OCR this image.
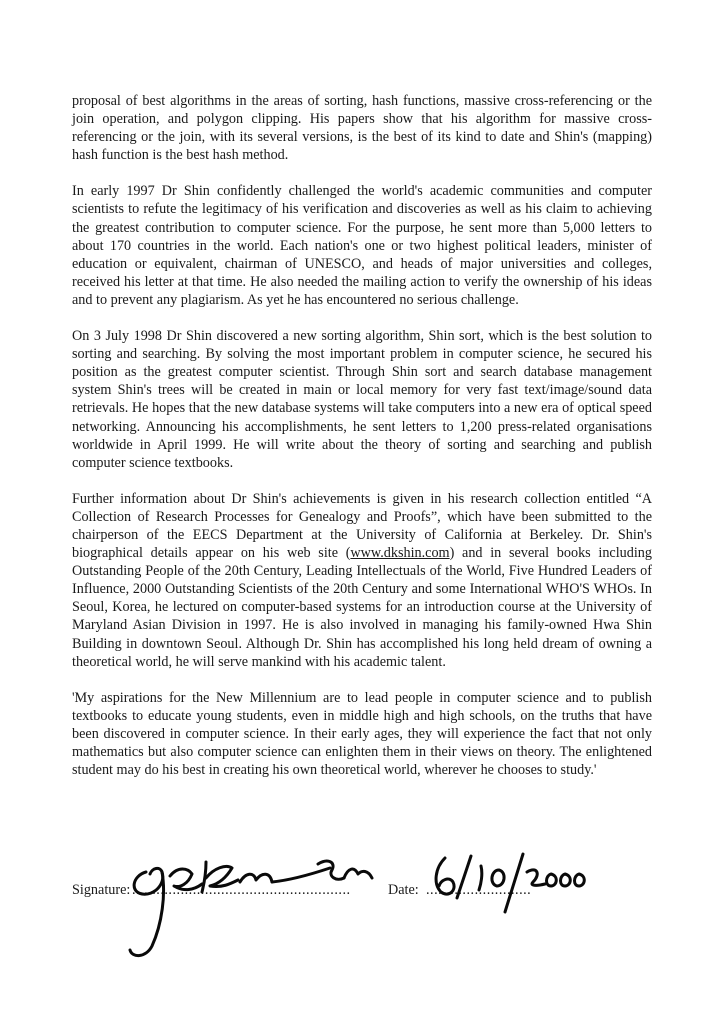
proposal of best algorithms in the areas of sorting, hash functions, massive cross-referencing or the join operation, and polygon clipping. His papers show that his algorithm for massive cross-referencing or the join, with its several versions, is the best of its kind to date and Shin's (mapping) hash function is the best hash method.

In early 1997 Dr Shin confidently challenged the world's academic communities and computer scientists to refute the legitimacy of his verification and discoveries as well as his claim to achieving the greatest contribution to computer science. For the purpose, he sent more than 5,000 letters to about 170 countries in the world. Each nation's one or two highest political leaders, minister of education or equivalent, chairman of UNESCO, and heads of major universities and colleges, received his letter at that time. He also needed the mailing action to verify the ownership of his ideas and to prevent any plagiarism. As yet he has encountered no serious challenge.

On 3 July 1998 Dr Shin discovered a new sorting algorithm, Shin sort, which is the best solution to sorting and searching. By solving the most important problem in computer science, he secured his position as the greatest computer scientist. Through Shin sort and search database management system Shin's trees will be created in main or local memory for very fast text/image/sound data retrievals. He hopes that the new database systems will take computers into a new era of optical speed networking. Announcing his accomplishments, he sent letters to 1,200 press-related organisations worldwide in April 1999. He will write about the theory of sorting and searching and publish computer science textbooks.

Further information about Dr Shin's achievements is given in his research collection entitled “A Collection of Research Processes for Genealogy and Proofs”, which have been submitted to the chairperson of the EECS Department at the University of California at Berkeley. Dr. Shin's biographical details appear on his web site (www.dkshin.com) and in several books including Outstanding People of the 20th Century, Leading Intellectuals of the World, Five Hundred Leaders of Influence, 2000 Outstanding Scientists of the 20th Century and some International WHO'S WHOs. In Seoul, Korea, he lectured on computer-based systems for an introduction course at the University of Maryland Asian Division in 1997. He is also involved in managing his family-owned Hwa Shin Building in downtown Seoul. Although Dr. Shin has accomplished his long held dream of owning a theoretical world, he will serve mankind with his academic talent.

'My aspirations for the New Millennium are to lead people in computer science and to publish textbooks to educate young students, even in middle high and high schools, on the truths that have been discovered in computer science. In their early ages, they will experience the fact that not only mathematics but also computer science can enlighten them in their views on theory. The enlightened student may do his best in creating his own theoretical world, wherever he chooses to study.'

Signature: ......................................................	Date: ..........................
